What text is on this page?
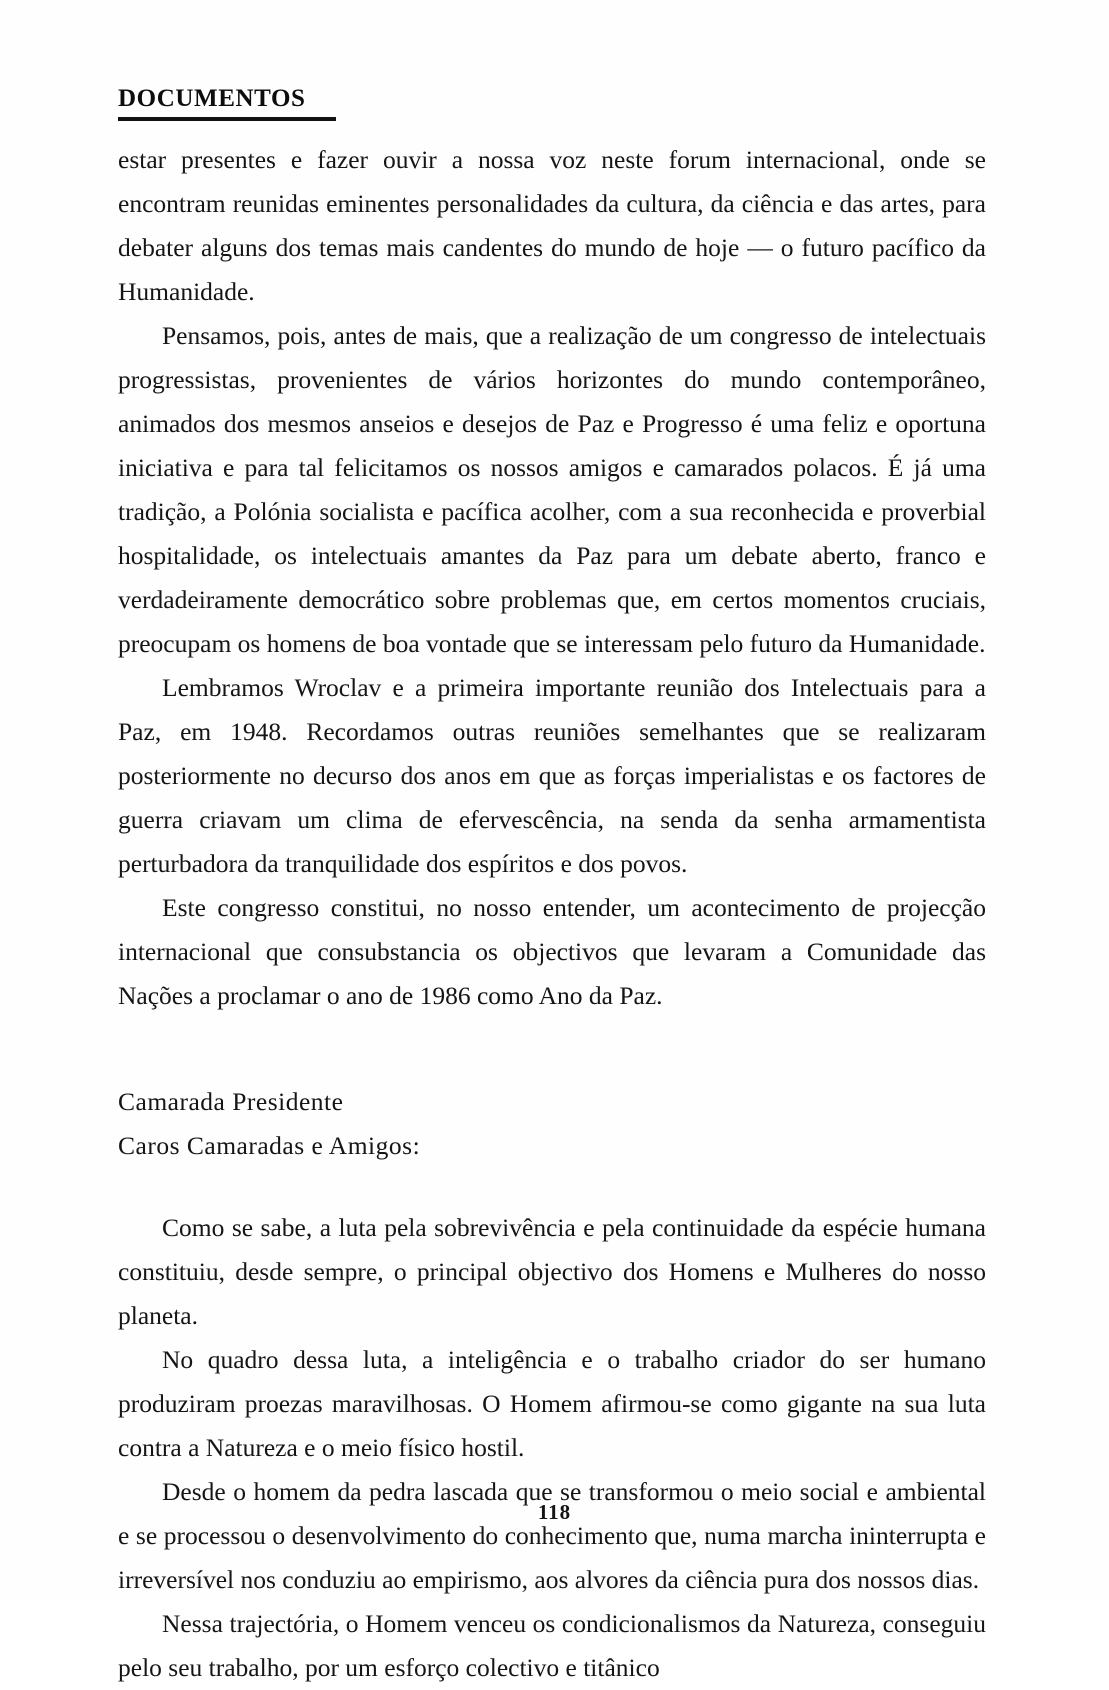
DOCUMENTOS

estar presentes e fazer ouvir a nossa voz neste forum internacional, onde se encontram reunidas eminentes personalidades da cultura, da ciência e das artes, para debater alguns dos temas mais candentes do mundo de hoje — o futuro pacífico da Humanidade.

Pensamos, pois, antes de mais, que a realização de um congresso de intelectuais progressistas, provenientes de vários horizontes do mundo contemporâneo, animados dos mesmos anseios e desejos de Paz e Progresso é uma feliz e oportuna iniciativa e para tal felicitamos os nossos amigos e camarados polacos. É já uma tradição, a Polónia socialista e pacífica acolher, com a sua reconhecida e proverbial hospitalidade, os intelectuais amantes da Paz para um debate aberto, franco e verdadeiramente democrático sobre problemas que, em certos momentos cruciais, preocupam os homens de boa vontade que se interessam pelo futuro da Humanidade.

Lembramos Wroclav e a primeira importante reunião dos Intelectuais para a Paz, em 1948. Recordamos outras reuniões semelhantes que se realizaram posteriormente no decurso dos anos em que as forças imperialistas e os factores de guerra criavam um clima de efervescência, na senda da senha armamentista perturbadora da tranquilidade dos espíritos e dos povos.

Este congresso constitui, no nosso entender, um acontecimento de projecção internacional que consubstancia os objectivos que levaram a Comunidade das Nações a proclamar o ano de 1986 como Ano da Paz.

Camarada Presidente
Caros Camaradas e Amigos:

Como se sabe, a luta pela sobrevivência e pela continuidade da espécie humana constituiu, desde sempre, o principal objectivo dos Homens e Mulheres do nosso planeta.

No quadro dessa luta, a inteligência e o trabalho criador do ser humano produziram proezas maravilhosas. O Homem afirmou-se como gigante na sua luta contra a Natureza e o meio físico hostil.

Desde o homem da pedra lascada que se transformou o meio social e ambiental e se processou o desenvolvimento do conhecimento que, numa marcha ininterrupta e irreversível nos conduziu ao empirismo, aos alvores da ciência pura dos nossos dias.

Nessa trajectória, o Homem venceu os condicionalismos da Natureza, conseguiu pelo seu trabalho, por um esforço colectivo e titânico

118
